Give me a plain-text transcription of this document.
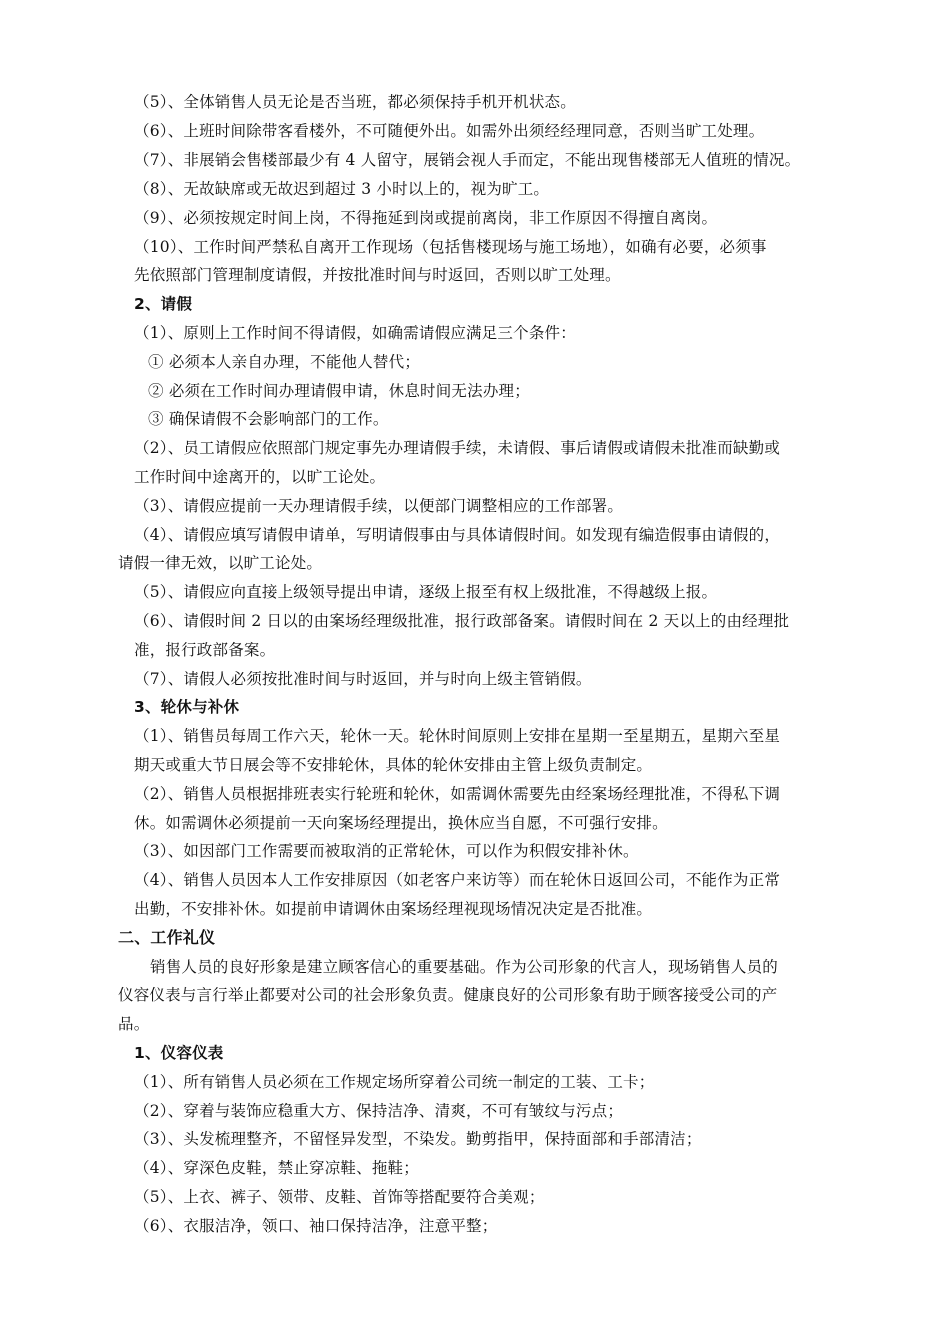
（5）、全体销售人员无论是否当班，都必须保持手机开机状态。
（6）、上班时间除带客看楼外，不可随便外出。如需外出须经经理同意，否则当旷工处理。
（7）、非展销会售楼部最少有 4 人留守，展销会视人手而定，不能出现售楼部无人值班的情况。
（8）、无故缺席或无故迟到超过 3 小时以上的，视为旷工。
（9）、必须按规定时间上岗，不得拖延到岗或提前离岗，非工作原因不得擅自离岗。
（10）、工作时间严禁私自离开工作现场（包括售楼现场与施工场地），如确有必要，必须事
先依照部门管理制度请假，并按批准时间与时返回，否则以旷工处理。
2、请假
（1）、原则上工作时间不得请假，如确需请假应满足三个条件：
① 必须本人亲自办理，不能他人替代；
② 必须在工作时间办理请假申请，休息时间无法办理；
③ 确保请假不会影响部门的工作。
（2）、员工请假应依照部门规定事先办理请假手续，未请假、事后请假或请假未批准而缺勤或
工作时间中途离开的，以旷工论处。
（3）、请假应提前一天办理请假手续，以便部门调整相应的工作部署。
（4）、请假应填写请假申请单，写明请假事由与具体请假时间。如发现有编造假事由请假的，
请假一律无效，以旷工论处。
（5）、请假应向直接上级领导提出申请，逐级上报至有权上级批准，不得越级上报。
（6）、请假时间 2 日以的由案场经理级批准，报行政部备案。请假时间在 2 天以上的由经理批
准，报行政部备案。
（7）、请假人必须按批准时间与时返回，并与时向上级主管销假。
3、轮休与补休
（1）、销售员每周工作六天，轮休一天。轮休时间原则上安排在星期一至星期五，星期六至星
期天或重大节日展会等不安排轮休，具体的轮休安排由主管上级负责制定。
（2）、销售人员根据排班表实行轮班和轮休，如需调休需要先由经案场经理批准，不得私下调
休。如需调休必须提前一天向案场经理提出，换休应当自愿，不可强行安排。
（3）、如因部门工作需要而被取消的正常轮休，可以作为积假安排补休。
（4）、销售人员因本人工作安排原因（如老客户来访等）而在轮休日返回公司，不能作为正常
出勤，不安排补休。如提前申请调休由案场经理视现场情况决定是否批准。
二、工作礼仪
销售人员的良好形象是建立顾客信心的重要基础。作为公司形象的代言人，现场销售人员的
仪容仪表与言行举止都要对公司的社会形象负责。健康良好的公司形象有助于顾客接受公司的产
品。
1、仪容仪表
（1）、所有销售人员必须在工作规定场所穿着公司统一制定的工装、工卡；
（2）、穿着与装饰应稳重大方、保持洁净、清爽，不可有皱纹与污点；
（3）、头发梳理整齐，不留怪异发型，不染发。勤剪指甲，保持面部和手部清洁；
（4）、穿深色皮鞋，禁止穿凉鞋、拖鞋；
（5）、上衣、裤子、领带、皮鞋、首饰等搭配要符合美观；
（6）、衣服洁净，领口、袖口保持洁净，注意平整；
